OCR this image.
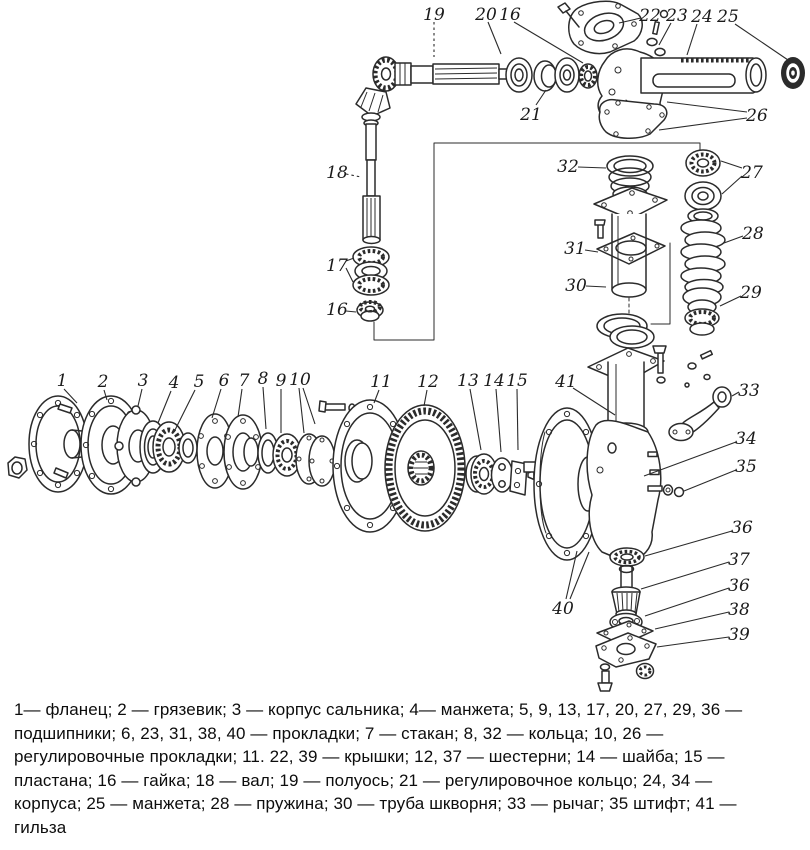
19 20 16	22 23 24 25
21	26
18
17
16
32
31
30
27
28
29
1 2 3 4 5 6 7 8 9 10	11 12 13 14 15 41	33
34
35
36
37
36
38
39
40
1— фланец; 2 — грязевик; 3 — корпус сальника; 4— манжета; 5, 9, 13, 17, 20, 27, 29, 36 —
подшипники; 6, 23, 31, 38, 40 — прокладки; 7 — стакан; 8, 32 — кольца; 10, 26 —
регулировочные прокладки; 11. 22, 39 — крышки; 12, 37 — шестерни; 14 — шайба; 15 —
пластана; 16 — гайка; 18 — вал; 19 — полуось; 21 — регулировочное кольцо; 24, 34 —
корпуса; 25 — манжета; 28 — пружина; 30 — труба шкворня; 33 — рычаг; 35 штифт; 41 —
гильза
